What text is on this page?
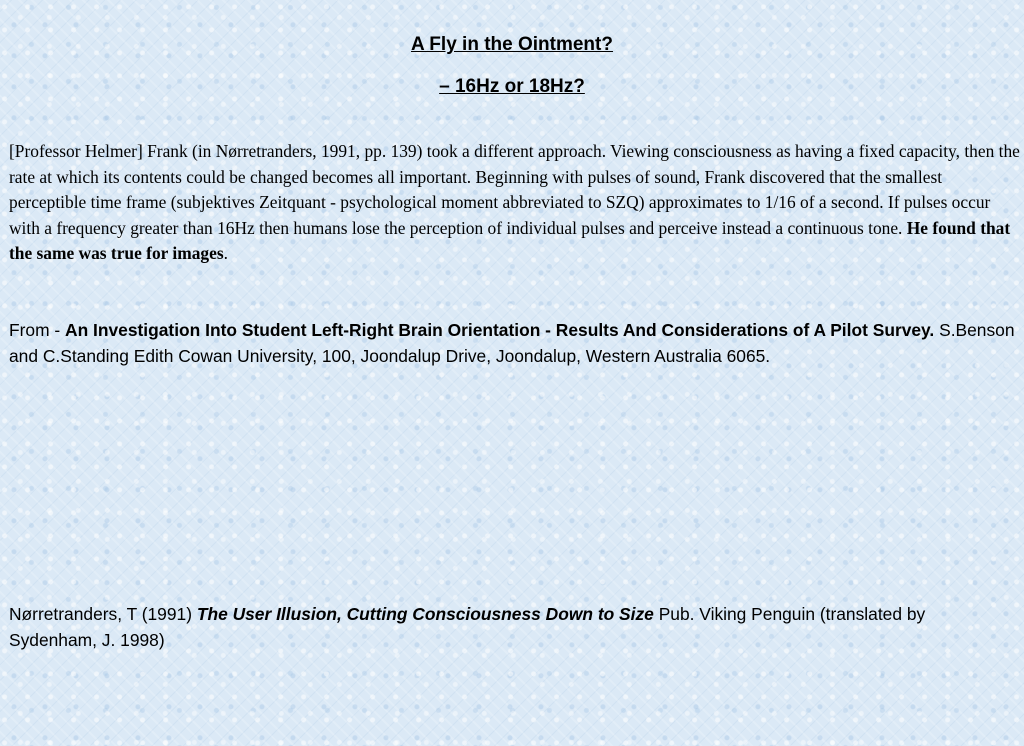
A Fly in the Ointment?
– 16Hz or 18Hz?

[Professor Helmer] Frank (in Nørretranders, 1991, pp. 139) took a different approach. Viewing consciousness as having a fixed capacity, then the rate at which its contents could be changed becomes all important. Beginning with pulses of sound, Frank discovered that the smallest perceptible time frame (subjektives Zeitquant - psychological moment abbreviated to SZQ) approximates to 1/16 of a second. If pulses occur with a frequency greater than 16Hz then humans lose the perception of individual pulses and perceive instead a continuous tone. He found that the same was true for images.

From - An Investigation Into Student Left-Right Brain Orientation - Results And Considerations of A Pilot Survey. S.Benson and C.Standing Edith Cowan University, 100, Joondalup Drive, Joondalup, Western Australia 6065.

Nørretranders, T (1991) The User Illusion, Cutting Consciousness Down to Size Pub. Viking Penguin (translated by Sydenham, J. 1998)
